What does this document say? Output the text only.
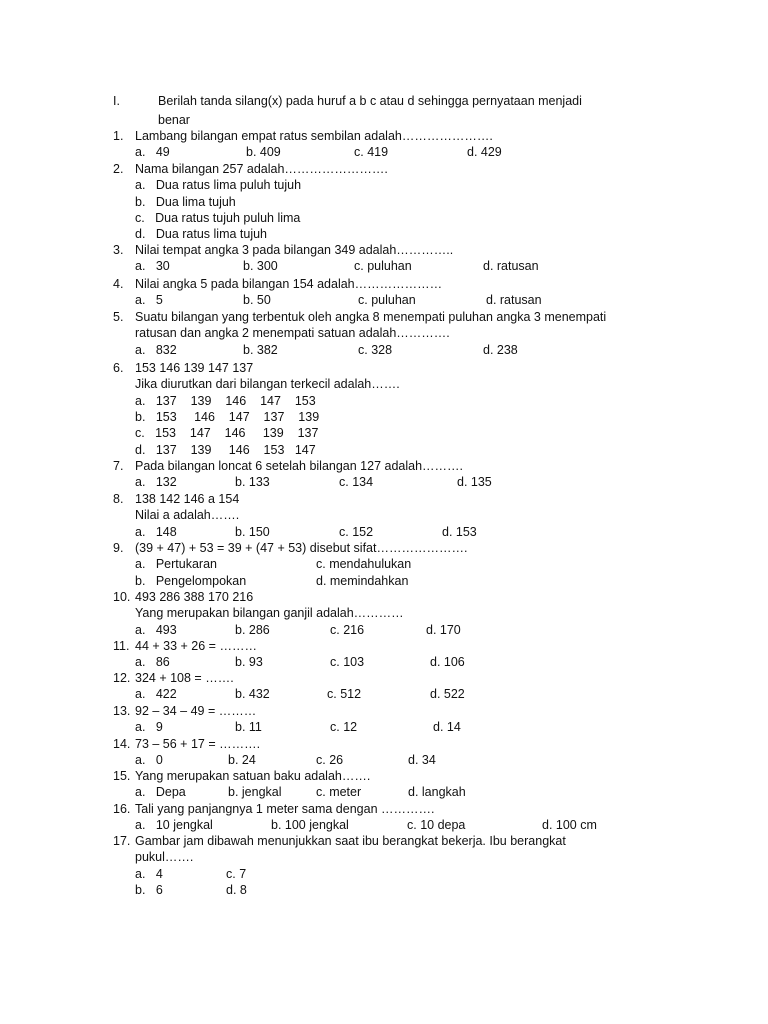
I.	Berilah tanda silang(x) pada huruf a b c atau d sehingga pernyataan menjadi
benar
1. Lambang bilangan empat ratus sembilan adalah………………….
a.   49	b. 409	c. 419	d. 429
2. Nama bilangan 257 adalah…………………….
a.   Dua ratus lima puluh tujuh
b.   Dua lima tujuh
c.   Dua ratus tujuh puluh lima
d.   Dua ratus lima tujuh
3. Nilai tempat angka 3 pada bilangan 349 adalah…………..
a.   30	b. 300	c. puluhan	d. ratusan
4. Nilai angka 5 pada bilangan 154 adalah…………………
a.   5	b. 50	c. puluhan	d. ratusan
5. Suatu bilangan yang terbentuk oleh angka 8 menempati puluhan angka 3 menempati
ratusan dan angka 2 menempati satuan adalah………….
a.   832	b. 382	c. 328	d. 238
6. 153 146 139 147 137
Jika diurutkan dari bilangan terkecil adalah…….
a.   137    139    146    147    153
b.   153     146    147    137    139
c.   153    147    146     139    137
d.   137    139     146    153   147
7. Pada bilangan loncat 6 setelah bilangan 127 adalah……….
a.   132	b. 133	c. 134	d. 135
8. 138 142 146 a 154
Nilai a adalah…….
a.   148	b. 150	c. 152	d. 153
9. (39 + 47) + 53 = 39 + (47 + 53) disebut sifat………………….
a.   Pertukaran	c. mendahulukan
b.   Pengelompokan	d. memindahkan
10. 493 286 388 170 216
Yang merupakan bilangan ganjil adalah…………
a.   493	b. 286	c. 216	d. 170
11. 44 + 33 + 26 = ………
a.   86	b. 93	c. 103	d. 106
12. 324 + 108 = …….
a.   422	b. 432	c. 512	d. 522
13. 92 – 34 – 49 = ………
a.   9	b. 11	c. 12	d. 14
14. 73 – 56 + 17 = ……….
a.   0	b. 24	c. 26	d. 34
15. Yang merupakan satuan baku adalah…….
a.   Depa	b. jengkal	c. meter	d. langkah
16. Tali yang panjangnya 1 meter sama dengan ………….
a.   10 jengkal	b. 100 jengkal	c. 10 depa	d. 100 cm
17. Gambar jam dibawah menunjukkan saat ibu berangkat bekerja. Ibu berangkat
pukul…….
a.   4	c. 7
b.   6	d. 8
